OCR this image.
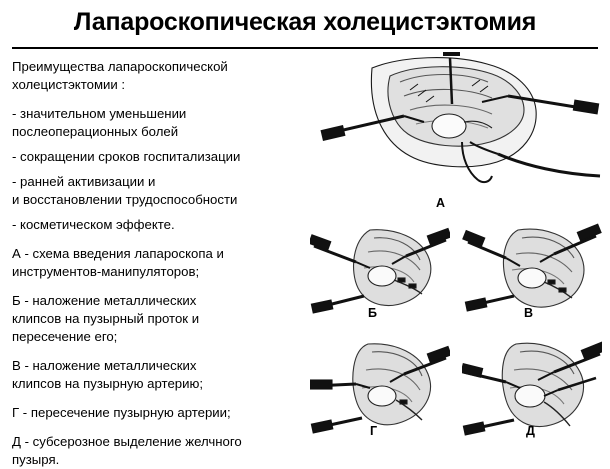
Лапароскопическая холецистэктомия

Преимущества лапароскопической

холецистэктомии :

- значительном уменьшении

послеоперационных болей

- сокращении сроков госпитализации

- ранней активизации и

и восстановлении трудоспособности

- косметическом эффекте.

А - схема введения лапароскопа и

инструментов-манипуляторов;

Б - наложение металлических

клипсов на пузырный проток и

пересечение его;

В - наложение металлических

клипсов на пузырную артерию;

Г - пересечение пузырную артерии;

Д - субсерозное выделение желчного

пузыря.

А
Б	В
Г	Д
